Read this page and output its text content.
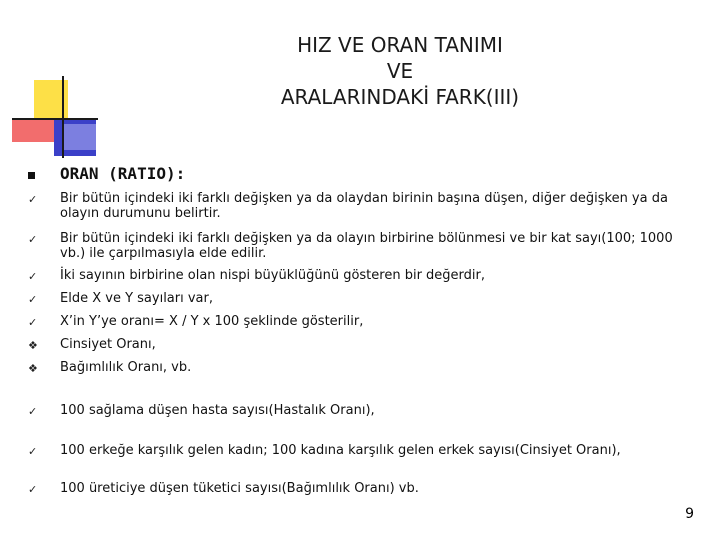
HIZ VE ORAN TANIMI
VE
ARALARINDAKİ FARK(III)
ORAN (RATIO):
✓ Bir bütün içindeki iki farklı değişken ya da olaydan birinin başına düşen, diğer değişken ya da olayın durumunu belirtir.
✓ Bir bütün içindeki iki farklı değişken ya da olayın birbirine bölünmesi ve bir kat sayı(100; 1000 vb.) ile çarpılmasıyla elde edilir.
✓ İki sayının birbirine olan nispi büyüklüğünü gösteren bir değerdir,
✓ Elde X ve Y sayıları var,
✓ X’in Y’ye oranı= X / Y x 100 şeklinde gösterilir,
❖ Cinsiyet Oranı,
❖ Bağımlılık Oranı, vb.
✓ 100 sağlama düşen hasta sayısı(Hastalık Oranı),
✓ 100 erkeğe karşılık gelen kadın; 100 kadına karşılık gelen erkek sayısı(Cinsiyet Oranı),
✓ 100 üreticiye düşen tüketici sayısı(Bağımlılık Oranı) vb.
9
